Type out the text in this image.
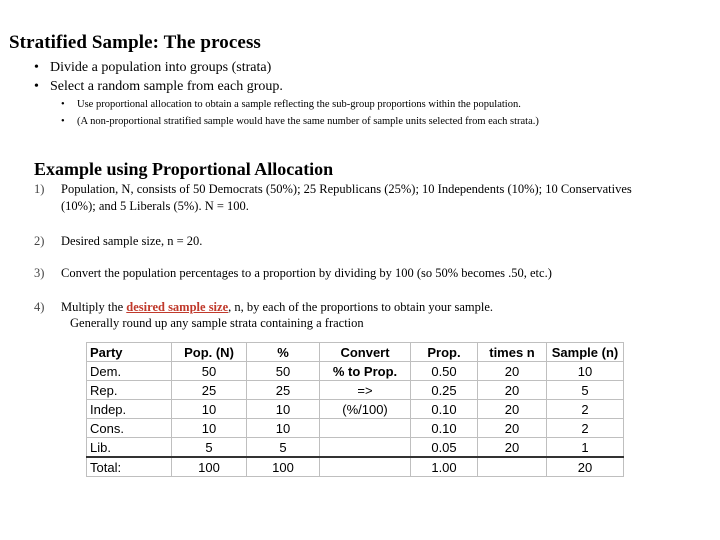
Stratified Sample: The process
• Divide a population into groups (strata)
• Select a random sample from each group.
•	Use proportional allocation to obtain a sample reflecting the sub-group proportions within the population.
•	(A non-proportional stratified sample would have the same number of sample units selected from each strata.)
Example using Proportional Allocation
1)	Population, N, consists of 50 Democrats (50%); 25 Republicans (25%); 10 Independents (10%); 10 Conservatives (10%); and 5 Liberals (5%). N = 100.
2)	Desired sample size, n = 20.
3)	Convert the population percentages to a proportion by dividing by 100 (so 50% becomes .50, etc.)
4)	Multiply the desired sample size, n, by each of the proportions to obtain your sample.
Generally round up any sample strata containing a fraction
Party	Pop. (N)	%	Convert	Prop.	times n	Sample (n)
Dem.	50	50	% to Prop.	0.50	20	10
Rep.	25	25	=>	0.25	20	5
Indep.	10	10	(%/100)	0.10	20	2
Cons.	10	10		0.10	20	2
Lib.	5	5		0.05	20	1
Total:	100	100		1.00		20
